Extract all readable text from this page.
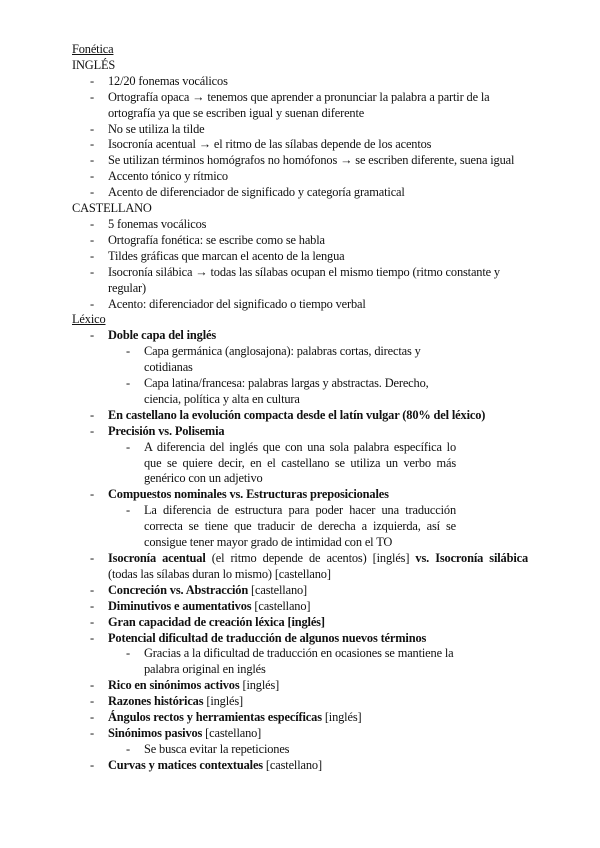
Fonética
INGLÉS
- 12/20 fonemas vocálicos
- Ortografía opaca → tenemos que aprender a pronunciar la palabra a partir de la ortografía ya que se escriben igual y suenan diferente
- No se utiliza la tilde
- Isocronía acentual → el ritmo de las sílabas depende de los acentos
- Se utilizan términos homógrafos no homófonos → se escriben diferente, suena igual
- Accento tónico y rítmico
- Acento de diferenciador de significado y categoría gramatical
CASTELLANO
- 5 fonemas vocálicos
- Ortografía fonética: se escribe como se habla
- Tildes gráficas que marcan el acento de la lengua
- Isocronía silábica → todas las sílabas ocupan el mismo tiempo (ritmo constante y regular)
- Acento: diferenciador del significado o tiempo verbal
Léxico
- Doble capa del inglés
- Capa germánica (anglosajona): palabras cortas, directas y cotidianas
- Capa latina/francesa: palabras largas y abstractas. Derecho, ciencia, política y alta en cultura
- En castellano la evolución compacta desde el latín vulgar (80% del léxico)
- Precisión vs. Polisemia
- A diferencia del inglés que con una sola palabra específica lo que se quiere decir, en el castellano se utiliza un verbo más genérico con un adjetivo
- Compuestos nominales vs. Estructuras preposicionales
- La diferencia de estructura para poder hacer una traducción correcta se tiene que traducir de derecha a izquierda, así se consigue tener mayor grado de intimidad con el TO
- Isocronía acentual (el ritmo depende de acentos) [inglés] vs. Isocronía silábica (todas las sílabas duran lo mismo) [castellano]
- Concreción vs. Abstracción [castellano]
- Diminutivos e aumentativos [castellano]
- Gran capacidad de creación léxica [inglés]
- Potencial dificultad de traducción de algunos nuevos términos
- Gracias a la dificultad de traducción en ocasiones se mantiene la palabra original en inglés
- Rico en sinónimos activos [inglés]
- Razones históricas [inglés]
- Ángulos rectos y herramientas específicas [inglés]
- Sinónimos pasivos [castellano]
- Se busca evitar la repeticiones
- Curvas y matices contextuales [castellano]
